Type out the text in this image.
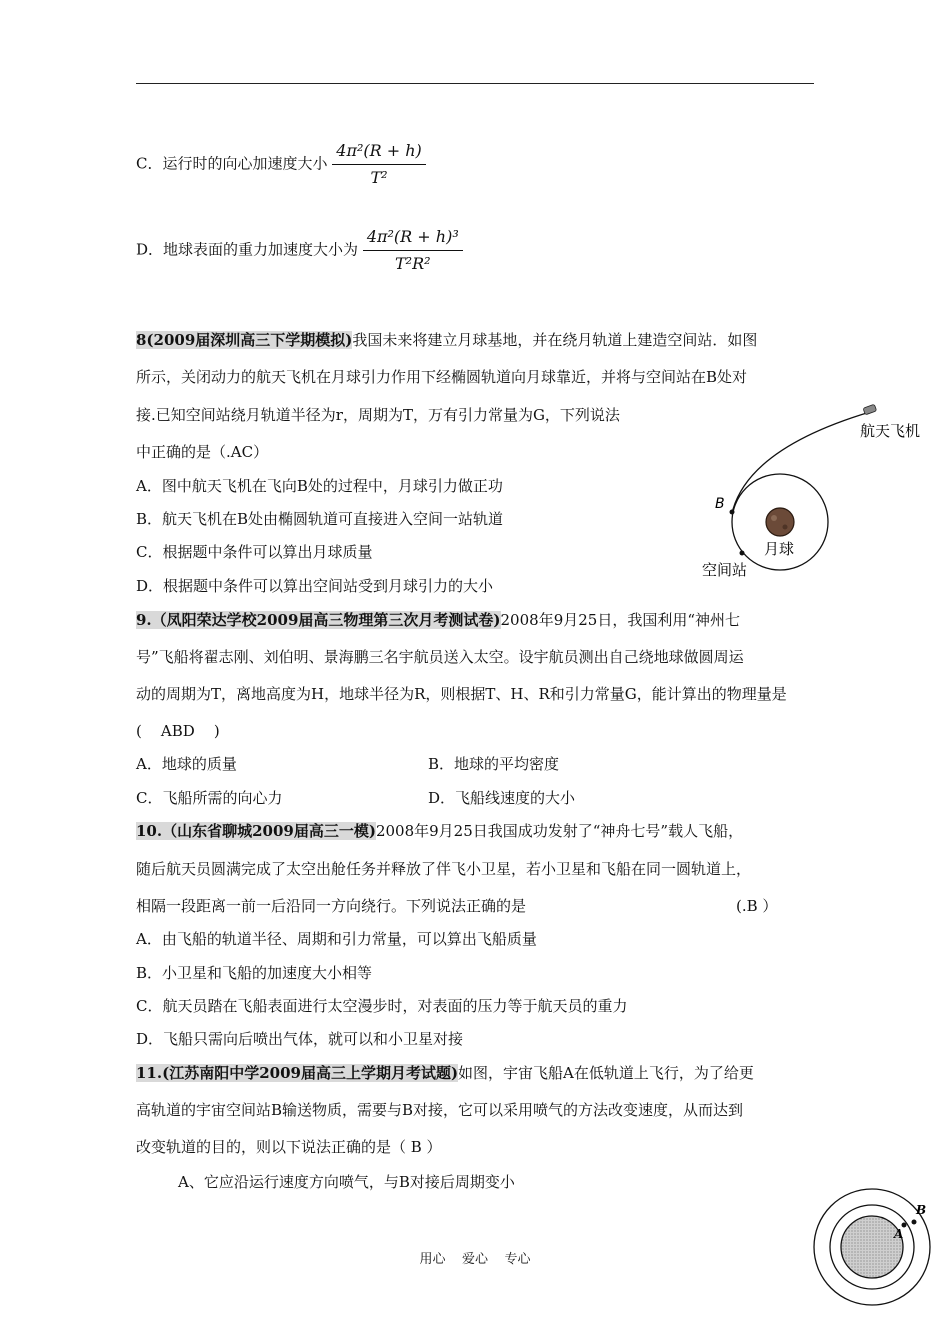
C．运行时的向心加速度大小 $\frac{\text{4π²(R + h)}}{\text{T²}}$
D．地球表面的重力加速度大小为 $\frac{\text{4π²(R + h)³}}{\text{T²R²}}$
8(2009届深圳高三下学期模拟)我国未来将建立月球基地，并在绕月轨道上建造空间站．如图
所示，关闭动力的航天飞机在月球引力作用下经椭圆轨道向月球靠近，并将与空间站在B处对
接.已知空间站绕月轨道半径为r，周期为T，万有引力常量为G，下列说法
中正确的是（.AC）
A．图中航天飞机在飞向B处的过程中，月球引力做正功
B．航天飞机在B处由椭圆轨道可直接进入空间一站轨道
C．根据题中条件可以算出月球质量
D．根据题中条件可以算出空间站受到月球引力的大小
B
月球
空间站
航天飞机
9.（凤阳荣达学校2009届高三物理第三次月考测试卷)2008年9月25日，我国利用“神州七
号”飞船将翟志刚、刘伯明、景海鹏三名宇航员送入太空。设宇航员测出自己绕地球做圆周运
动的周期为T，离地高度为H，地球半径为R，则根据T、H、R和引力常量G，能计算出的物理量是
(    ABD    )
A．地球的质量	B．地球的平均密度
C．飞船所需的向心力	D．飞船线速度的大小
10.（山东省聊城2009届高三一模)2008年9月25日我国成功发射了“神舟七号”载人飞船，
随后航天员圆满完成了太空出舱任务并释放了伴飞小卫星，若小卫星和飞船在同一圆轨道上，
相隔一段距离一前一后沿同一方向绕行。下列说法正确的是	(.B ）
A．由飞船的轨道半径、周期和引力常量，可以算出飞船质量
B．小卫星和飞船的加速度大小相等
C．航天员踏在飞船表面进行太空漫步时，对表面的压力等于航天员的重力
D．飞船只需向后喷出气体，就可以和小卫星对接
11.(江苏南阳中学2009届高三上学期月考试题)如图，宇宙飞船A在低轨道上飞行，为了给更
高轨道的宇宙空间站B输送物质，需要与B对接，它可以采用喷气的方法改变速度，从而达到
改变轨道的目的，则以下说法正确的是（ B ）
A、它应沿运行速度方向喷气，与B对接后周期变小
B
A
用心    爱心    专心
